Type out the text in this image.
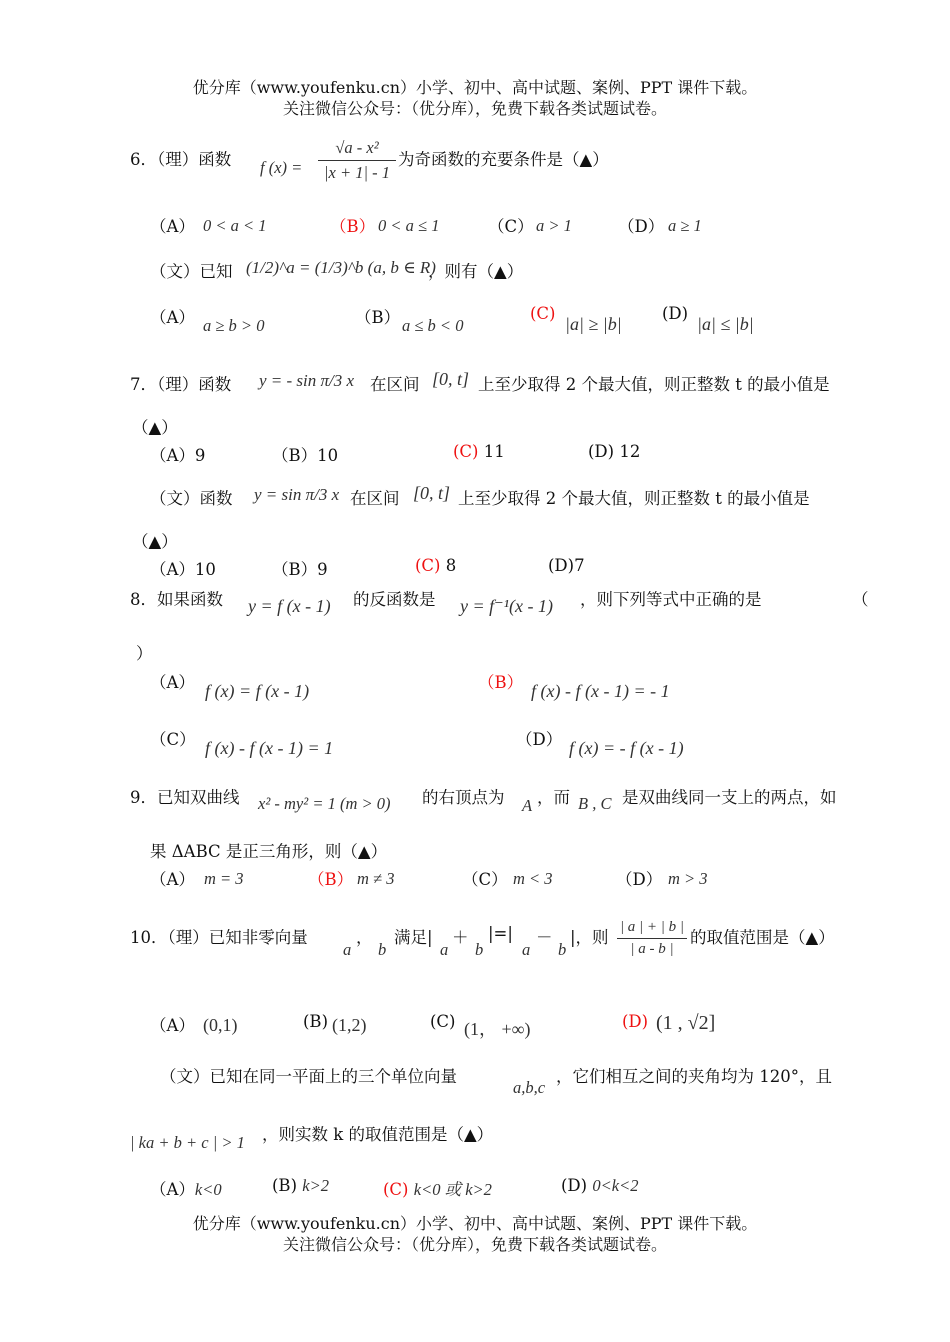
优分库（www.youfenku.cn）小学、初中、高中试题、案例、PPT 课件下载。
关注微信公众号：（优分库），免费下载各类试题试卷。
6．（理）函数 f (x) =
√a - x²
|x + 1| - 1
为奇函数的充要条件是（▲）
（A） 0 < a < 1	（B） 0 < a ≤ 1	（C） a > 1	（D） a ≥ 1
（文）已知 (1/2)^a = (1/3)^b (a, b ∈ R)
，则有（▲）
（A） a ≥ b > 0	（B） a ≤ b < 0
(C)
|a| ≥ |b|
(D)
|a| ≤ |b|
7．（理）函数 y = - sin π/3 x 在区间 [0, t] 上至少取得 2 个最大值，则正整数 t 的最小值是
（▲）
（A）9	（B）10	(C) 11	(D) 12
（文）函数 y = sin π/3 x 在区间 [0, t] 上至少取得 2 个最大值，则正整数 t 的最小值是
（▲）
（A）10	（B）9	(C) 8	(D)7
8．如果函数 y = f (x - 1) 的反函数是 y = f⁻¹(x - 1) ，则下列等式中正确的是	（
）
（A） f (x) = f (x - 1)	（B） f (x) - f (x - 1) = - 1
（C） f (x) - f (x - 1) = 1	（D） f (x) = - f (x - 1)
9．已知双曲线 x² - my² = 1 (m > 0) 的右顶点为 A ，而 B , C 是双曲线同一支上的两点，如
果 ΔABC 是正三角形，则（▲）
（A） m = 3	（B） m ≠ 3	（C） m < 3	（D） m > 3
10．（理）已知非零向量
a
，
b
满足|
a
＋
b
|=|
a
－
b
|，则
| a | + | b |
| a - b |
的取值范围是（▲）
（A） (0,1)	(B) (1,2)	(C) (1， +∞)	(D) (1 , √2]
（文）已知在同一平面上的三个单位向量
a,b,c
，它们相互之间的夹角均为 120°，且
| ka + b + c | > 1 ，则实数 k 的取值范围是（▲）
（A）k<0	(B) k>2	(C) k<0 或 k>2	(D) 0<k<2
优分库（www.youfenku.cn）小学、初中、高中试题、案例、PPT 课件下载。
关注微信公众号：（优分库），免费下载各类试题试卷。
